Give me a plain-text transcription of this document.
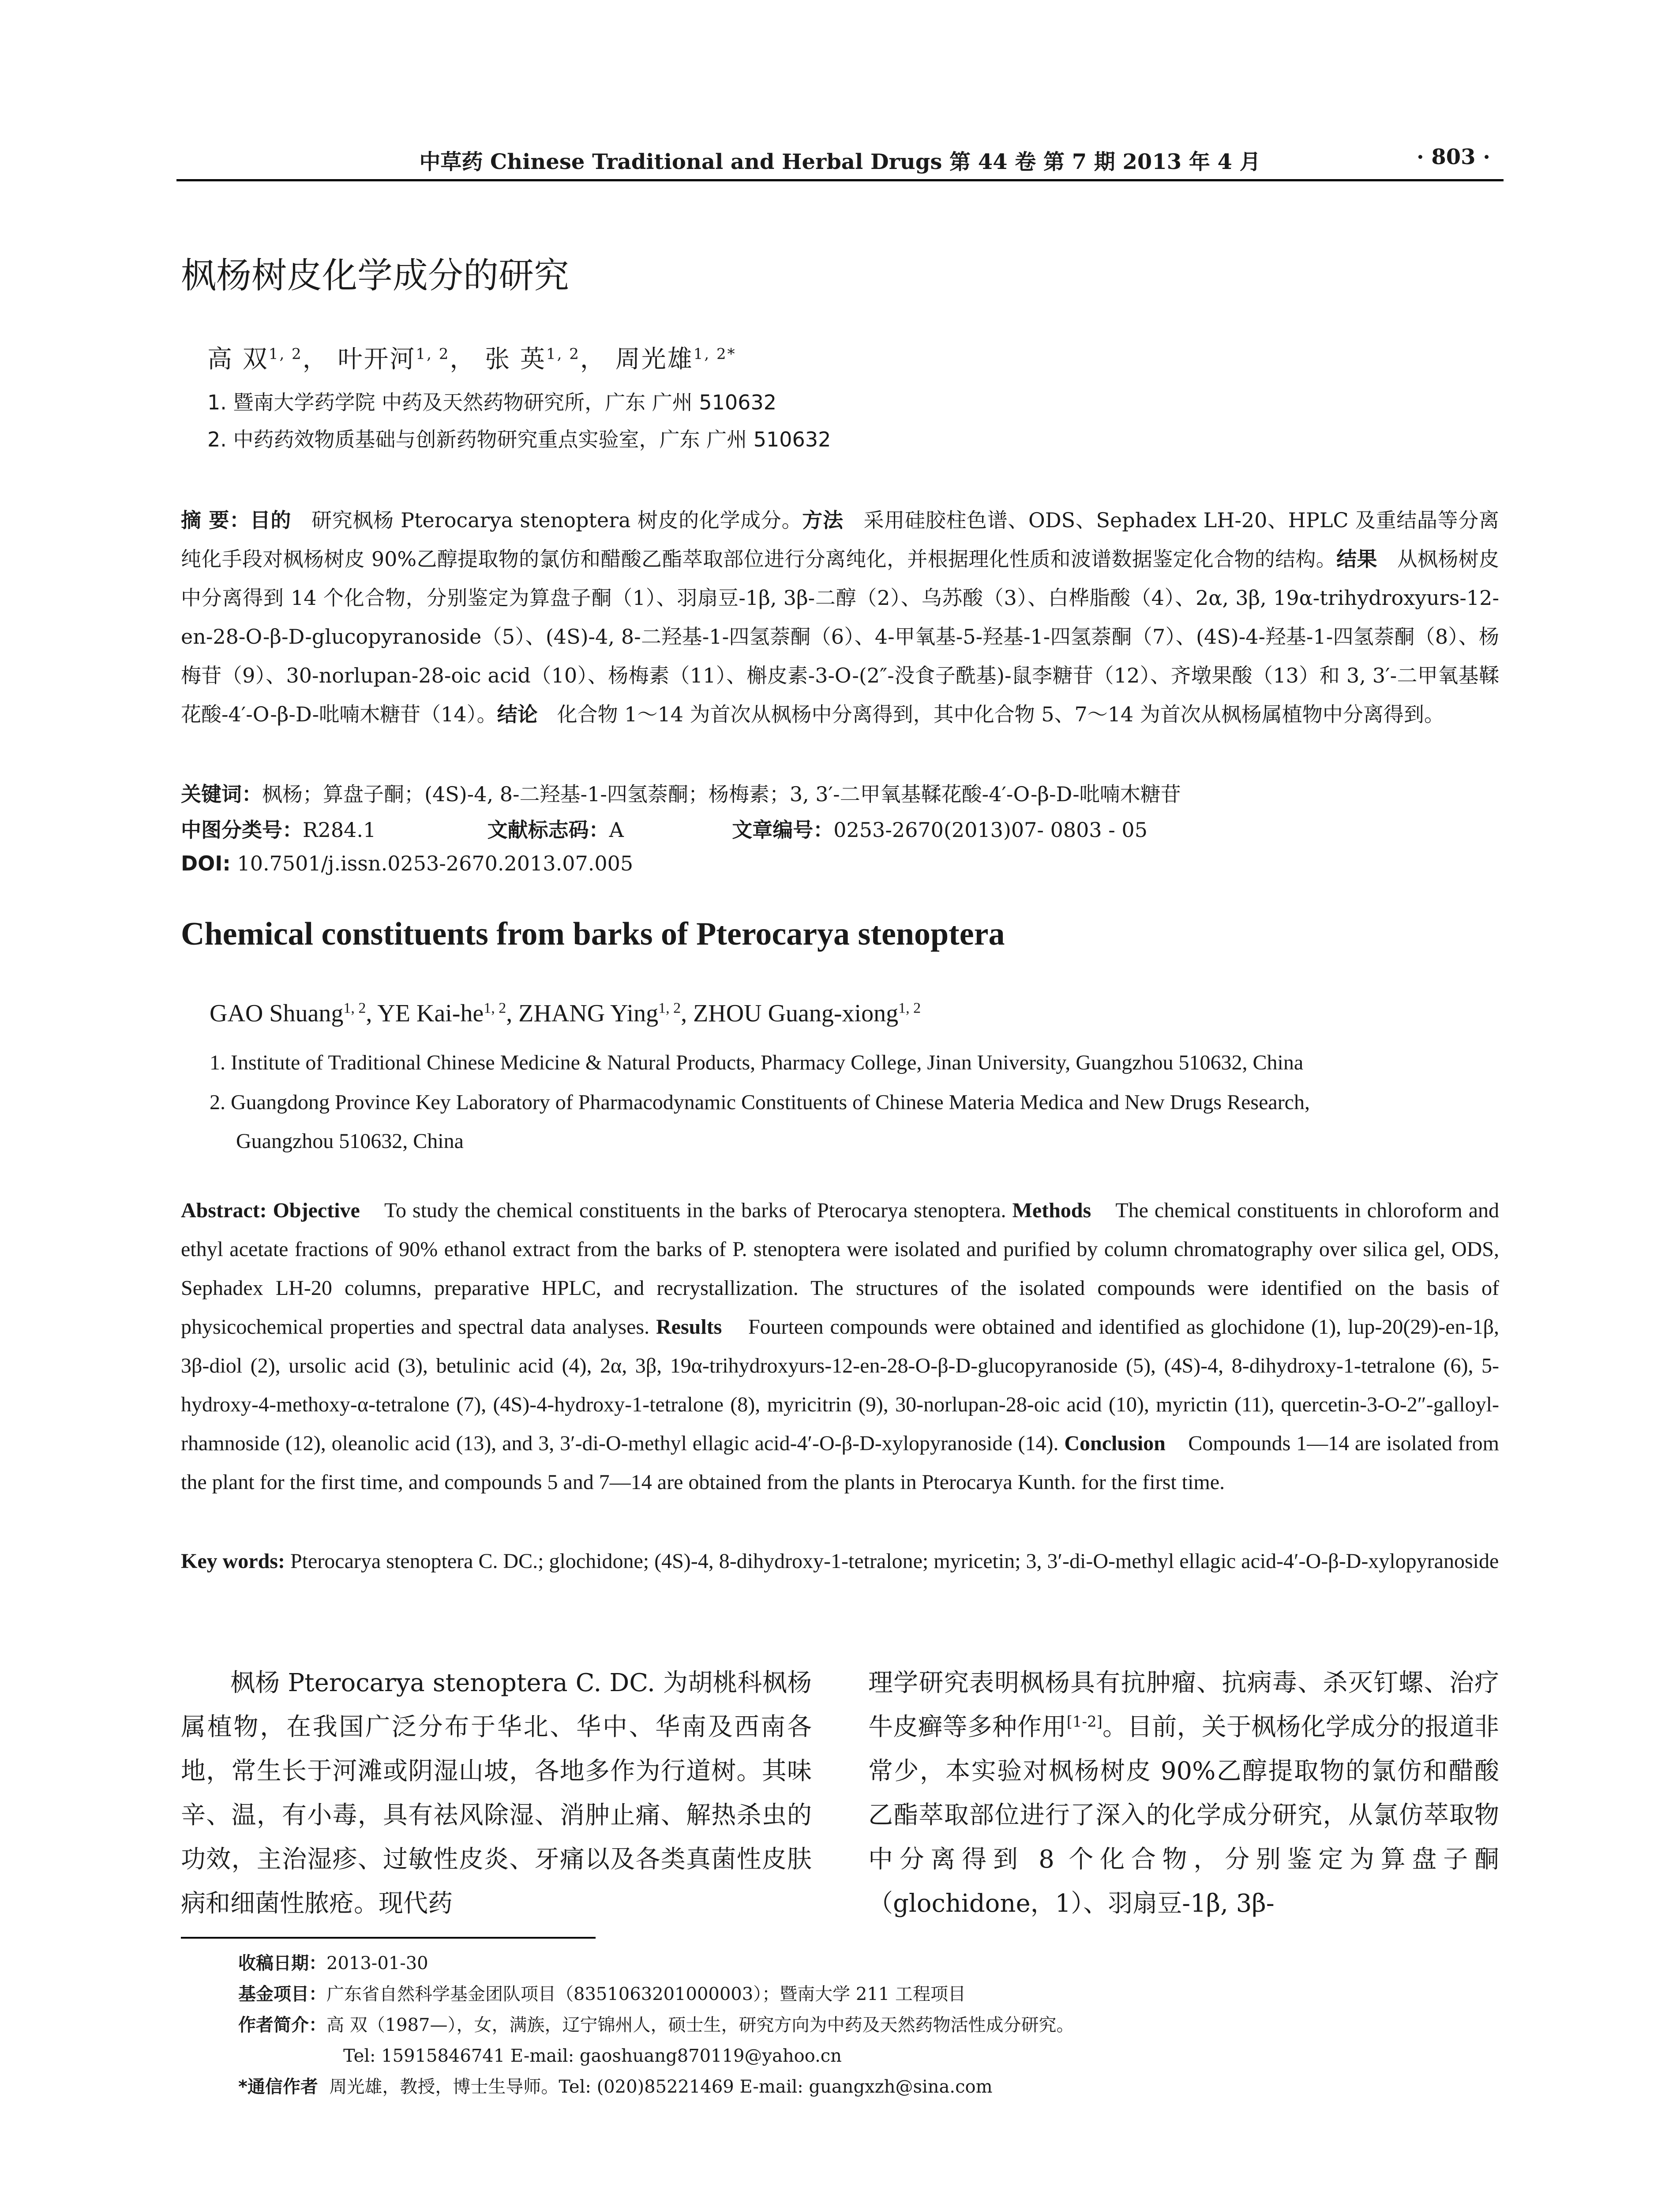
中草药 Chinese Traditional and Herbal Drugs 第 44 卷 第 7 期 2013 年 4 月	· 803 ·
枫杨树皮化学成分的研究
高 双$^{1, 2}$， 叶开河$^{1, 2}$， 张 英$^{1, 2}$， 周光雄$^{1, 2*}$
1. 暨南大学药学院 中药及天然药物研究所，广东 广州 510632
2. 中药药效物质基础与创新药物研究重点实验室，广东 广州 510632
摘 要：目的 研究枫杨 Pterocarya stenoptera 树皮的化学成分。方法 采用硅胶柱色谱、ODS、Sephadex LH-20、HPLC 及重结晶等分离纯化手段对枫杨树皮 90%乙醇提取物的氯仿和醋酸乙酯萃取部位进行分离纯化，并根据理化性质和波谱数据鉴定化合物的结构。结果 从枫杨树皮中分离得到 14 个化合物，分别鉴定为算盘子酮（1）、羽扇豆-1β, 3β-二醇（2）、乌苏酸（3）、白桦脂酸（4）、2α, 3β, 19α-trihydroxyurs-12-en-28-O-β-D-glucopyranoside（5）、(4S)-4, 8-二羟基-1-四氢萘酮（6）、4-甲氧基-5-羟基-1-四氢萘酮（7）、(4S)-4-羟基-1-四氢萘酮（8）、杨梅苷（9）、30-norlupan-28-oic acid（10）、杨梅素（11）、槲皮素-3-O-(2″-没食子酰基)-鼠李糖苷（12）、齐墩果酸（13）和 3, 3′-二甲氧基鞣花酸-4′-O-β-D-吡喃木糖苷（14）。结论 化合物 1～14 为首次从枫杨中分离得到，其中化合物 5、7～14 为首次从枫杨属植物中分离得到。
关键词：枫杨；算盘子酮；(4S)-4, 8-二羟基-1-四氢萘酮；杨梅素；3, 3′-二甲氧基鞣花酸-4′-O-β-D-吡喃木糖苷
中图分类号：R284.1	文献标志码：A	文章编号：0253-2670(2013)07- 0803 - 05
DOI: 10.7501/j.issn.0253-2670.2013.07.005
Chemical constituents from barks of Pterocarya stenoptera
GAO Shuang$^{1, 2}$, YE Kai-he$^{1, 2}$, ZHANG Ying$^{1, 2}$, ZHOU Guang-xiong$^{1, 2}$
1. Institute of Traditional Chinese Medicine & Natural Products, Pharmacy College, Jinan University, Guangzhou 510632, China
2. Guangdong Province Key Laboratory of Pharmacodynamic Constituents of Chinese Materia Medica and New Drugs Research,
Guangzhou 510632, China
Abstract: Objective To study the chemical constituents in the barks of Pterocarya stenoptera. Methods The chemical constituents in chloroform and ethyl acetate fractions of 90% ethanol extract from the barks of P. stenoptera were isolated and purified by column chromatography over silica gel, ODS, Sephadex LH-20 columns, preparative HPLC, and recrystallization. The structures of the isolated compounds were identified on the basis of physicochemical properties and spectral data analyses. Results Fourteen compounds were obtained and identified as glochidone (1), lup-20(29)-en-1β, 3β-diol (2), ursolic acid (3), betulinic acid (4), 2α, 3β, 19α-trihydroxyurs-12-en-28-O-β-D-glucopyranoside (5), (4S)-4, 8-dihydroxy-1-tetralone (6), 5-hydroxy-4-methoxy-α-tetralone (7), (4S)-4-hydroxy-1-tetralone (8), myricitrin (9), 30-norlupan-28-oic acid (10), myrictin (11), quercetin-3-O-2″-galloyl-rhamnoside (12), oleanolic acid (13), and 3, 3′-di-O-methyl ellagic acid-4′-O-β-D-xylopyranoside (14). Conclusion Compounds 1—14 are isolated from the plant for the first time, and compounds 5 and 7—14 are obtained from the plants in Pterocarya Kunth. for the first time.
Key words: Pterocarya stenoptera C. DC.; glochidone; (4S)-4, 8-dihydroxy-1-tetralone; myricetin; 3, 3′-di-O-methyl ellagic acid-4′-O-β-D-xylopyranoside
枫杨 Pterocarya stenoptera C. DC. 为胡桃科枫杨属植物，在我国广泛分布于华北、华中、华南及西南各地，常生长于河滩或阴湿山坡，各地多作为行道树。其味辛、温，有小毒，具有祛风除湿、消肿止痛、解热杀虫的功效，主治湿疹、过敏性皮炎、牙痛以及各类真菌性皮肤病和细菌性脓疮。现代药
理学研究表明枫杨具有抗肿瘤、抗病毒、杀灭钉螺、治疗牛皮癣等多种作用[1-2]。目前，关于枫杨化学成分的报道非常少，本实验对枫杨树皮 90%乙醇提取物的氯仿和醋酸乙酯萃取部位进行了深入的化学成分研究，从氯仿萃取物中分离得到 8 个化合物，分别鉴定为算盘子酮（glochidone，1）、羽扇豆-1β, 3β-
收稿日期：2013-01-30
基金项目：广东省自然科学基金团队项目（8351063201000003）；暨南大学 211 工程项目
作者简介：高 双（1987—），女，满族，辽宁锦州人，硕士生，研究方向为中药及天然药物活性成分研究。
Tel: 15915846741 E-mail: gaoshuang870119@yahoo.cn
*通信作者 周光雄，教授，博士生导师。Tel: (020)85221469 E-mail: guangxzh@sina.com
